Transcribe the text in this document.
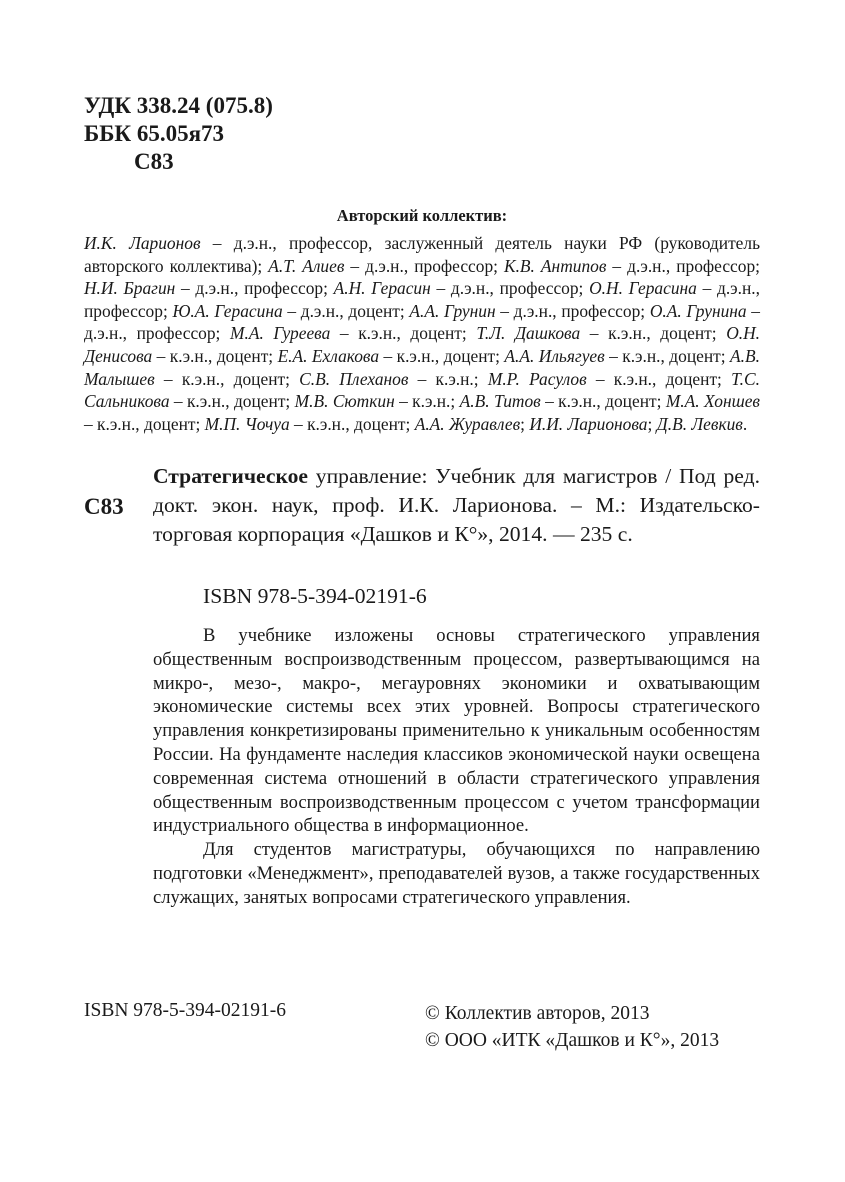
УДК 338.24 (075.8)
ББК 65.05я73
С83
Авторский коллектив:
И.К. Ларионов – д.э.н., профессор, заслуженный деятель науки РФ (руководитель авторского коллектива); А.Т. Алиев – д.э.н., профессор; К.В. Антипов – д.э.н., профессор; Н.И. Брагин – д.э.н., профессор; А.Н. Герасин – д.э.н., профессор; О.Н. Герасина – д.э.н., профессор; Ю.А. Герасина – д.э.н., доцент; А.А. Грунин – д.э.н., профессор; О.А. Грунина – д.э.н., профессор; М.А. Гуреева – к.э.н., доцент; Т.Л. Дашкова – к.э.н., доцент; О.Н. Денисова – к.э.н., доцент; Е.А. Ехлакова – к.э.н., доцент; А.А. Ильягуев – к.э.н., доцент; А.В. Малышев – к.э.н., доцент; С.В. Плеханов – к.э.н.; М.Р. Расулов – к.э.н., доцент; Т.С. Сальникова – к.э.н., доцент; М.В. Сюткин – к.э.н.; А.В. Титов – к.э.н., доцент; М.А. Хоншев – к.э.н., доцент; М.П. Чочуа – к.э.н., доцент; А.А. Журавлев; И.И. Ларионова; Д.В. Левкив.
С83
Стратегическое управление: Учебник для магистров / Под ред. докт. экон. наук, проф. И.К. Ларионова. – М.: Издательско-торговая корпорация «Дашков и К°», 2014. — 235 с.
ISBN 978-5-394-02191-6

В учебнике изложены основы стратегического управления общественным воспроизводственным процессом, развертывающимся на микро-, мезо-, макро-, мегауровнях экономики и охватывающим экономические системы всех этих уровней. Вопросы стратегического управления конкретизированы применительно к уникальным особенностям России. На фундаменте наследия классиков экономической науки освещена современная система отношений в области стратегического управления общественным воспроизводственным процессом с учетом трансформации индустриального общества в информационное.

Для студентов магистратуры, обучающихся по направлению подготовки «Менеджмент», преподавателей вузов, а также государственных служащих, занятых вопросами стратегического управления.

ISBN 978-5-394-02191-6	© Коллектив авторов, 2013
© ООО «ИТК «Дашков и К°», 2013
